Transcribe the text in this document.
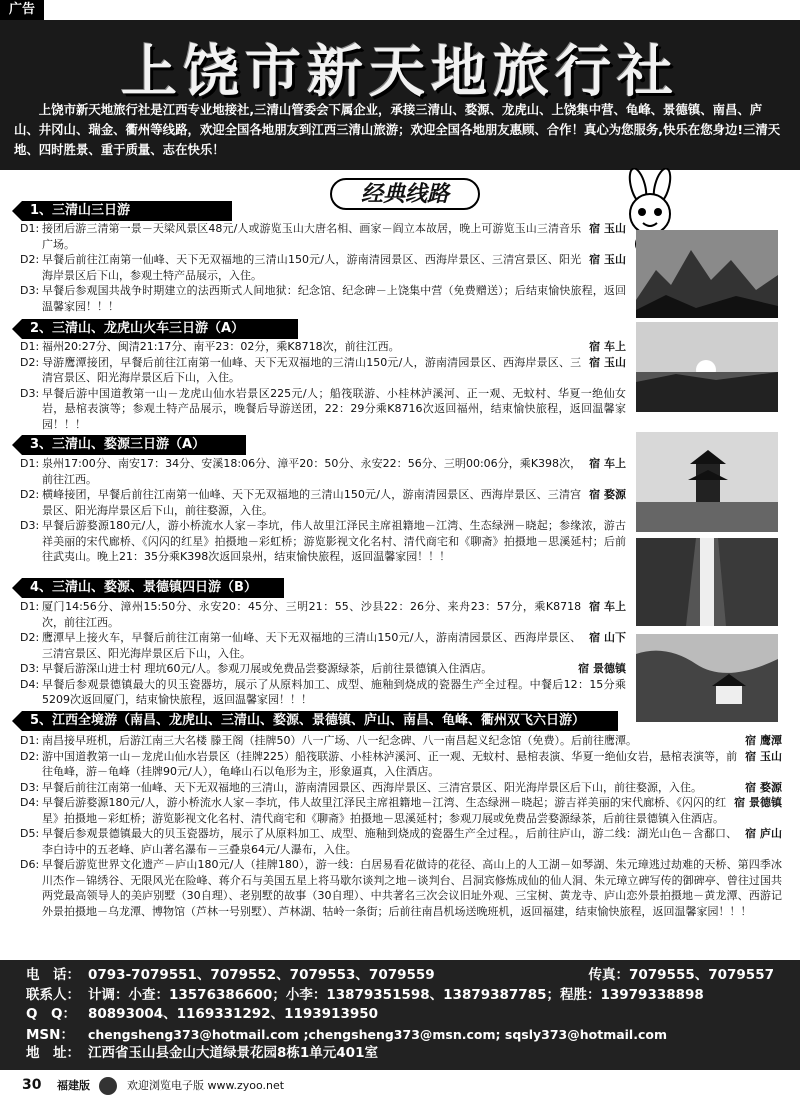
广告
上饶市新天地旅行社
上饶市新天地旅行社是江西专业地接社,三清山管委会下属企业，承接三清山、婺源、龙虎山、上饶集中营、龟峰、景德镇、南昌、庐山、井冈山、瑞金、衢州等线路，欢迎全国各地朋友到江西三清山旅游；欢迎全国各地朋友惠顾、合作！真心为您服务,快乐在您身边!三清天地、四时胜景、重于质量、志在快乐！
经典线路
1、三清山三日游
D1:	宿 玉山
接团后游三清第一景－天梁风景区48元/人或游览玉山大唐名相、画家－阎立本故居，晚上可游览玉山三清音乐广场。
D2:	宿 玉山
早餐后前往江南第一仙峰、天下无双福地的三清山150元/人，游南清园景区、西海岸景区、三清宫景区、阳光海岸景区后下山，参观土特产品展示，入住。
D3: 早餐后参观国共战争时期建立的法西斯式人间地狱：纪念馆、纪念碑－上饶集中营（免费赠送）；后结束愉快旅程，返回温馨家园！！！
2、三清山、龙虎山火车三日游（A）
D1:	宿 车上
福州20:27分、闽清21:17分、南平23：02分，乘K8718次，前往江西。
D2:	宿 玉山
导游鹰潭接团，早餐后前往江南第一仙峰、天下无双福地的三清山150元/人，游南清园景区、西海岸景区、三清宫景区、阳光海岸景区后下山，入住。
D3: 早餐后游中国道教第一山－龙虎山仙水岩景区225元/人；船筏联游、小桂林泸溪河、正一观、无蚊村、华夏一绝仙女岩，悬棺表演等；参观土特产品展示，晚餐后导游送团，22：29分乘K8716次返回福州，结束愉快旅程，返回温馨家园！！！
3、三清山、婺源三日游（A）
D1:	宿 车上
泉州17:00分、南安17：34分、安溪18:06分、漳平20：50分、永安22：56分、三明00:06分，乘K398次，前往江西。
D2:	宿 婺源
横峰接团，早餐后前往江南第一仙峰、天下无双福地的三清山150元/人，游南清园景区、西海岸景区、三清宫景区、阳光海岸景区后下山，前往婺源，入住。
D3: 早餐后游婺源180元/人，游小桥流水人家－李坑，伟人故里江泽民主席祖籍地－江湾、生态绿洲－晓起；参缘浓，游古祥美丽的宋代廊桥、《闪闪的红星》拍摄地－彩虹桥；游览影视文化名村、清代商宅和《聊斋》拍摄地－思溪延村；后前往武夷山。晚上21：35分乘K398次返回泉州，结束愉快旅程，返回温馨家园！！！
4、三清山、婺源、景德镇四日游（B）
D1:	宿 车上
厦门14:56分、漳州15:50分、永安20：45分、三明21：55、沙县22：26分、来舟23：57分，乘K8718次，前往江西。
D2:	宿 山下
鹰潭早上接火车，早餐后前往江南第一仙峰、天下无双福地的三清山150元/人，游南清园景区、西海岸景区、三清宫景区、阳光海岸景区后下山，入住。
D3:	宿 景德镇
早餐后游深山进士村 理坑60元/人。参观刀展或免费品尝婺源绿茶，后前往景德镇入住酒店。
D4: 早餐后参观景德镇最大的贝玉瓷器坊，展示了从原料加工、成型、施釉到烧成的瓷器生产全过程。中餐后12：15分乘5209次返回厦门，结束愉快旅程，返回温馨家园！！！
5、江西全境游（南昌、龙虎山、三清山、婺源、景德镇、庐山、南昌、龟峰、衢州双飞六日游）
D1:	宿 鹰潭
南昌接早班机，后游江南三大名楼 滕王阁（挂牌50）八一广场、八一纪念碑、八一南昌起义纪念馆（免费）。后前往鹰潭。
D2:	宿 玉山
游中国道教第一山－龙虎山仙水岩景区（挂牌225）船筏联游、小桂林泸溪河、正一观、无蚊村、悬棺表演、华夏一绝仙女岩，悬棺表演等，前往龟峰，游－龟峰（挂牌90元/人），龟峰山石以龟形为主，形象逼真，入住酒店。
D3:	宿 婺源
早餐后前往江南第一仙峰、天下无双福地的三清山，游南清园景区、西海岸景区、三清宫景区、阳光海岸景区后下山，前往婺源，入住。
D4:	宿 景德镇
早餐后游婺源180元/人，游小桥流水人家－李坑，伟人故里江泽民主席祖籍地－江湾、生态绿洲－晓起；游吉祥美丽的宋代廊桥、《闪闪的红星》拍摄地－彩虹桥；游览影视文化名村、清代商宅和《聊斋》拍摄地－思溪延村；参观刀展或免费品尝婺源绿茶，后前往景德镇入住酒店。
D5:	宿 庐山
早餐后参观景德镇最大的贝玉瓷器坊，展示了从原料加工、成型、施釉到烧成的瓷器生产全过程。，后前往庐山，游二线：湖光山色－含鄱口、李白诗中的五老峰、庐山著名瀑布－三叠泉64元/人瀑布，入住。
D6: 早餐后游览世界文化遗产－庐山180元/人（挂牌180），游一线：白居易看花做诗的花径、高山上的人工湖－如琴湖、朱元璋逃过劫难的天桥、第四季冰川杰作－锦绣谷、无限风光在险峰、蒋介石与美国五星上将马歇尔谈判之地－谈判台、吕洞宾修炼成仙的仙人洞、朱元璋立碑写传的御碑亭、曾往过国共两党最高领导人的美庐别墅（30自理）、老别墅的故事（30自理）、中共著名三次会议旧址外观、三宝树、黄龙寺、庐山恋外景拍摄地－黄龙潭、西游记外景拍摄地－乌龙潭、博物馆（芦林一号别墅）、芦林湖、牯岭一条街；后前往南昌机场送晚班机，返回福建，结束愉快旅程，返回温馨家园！！！
电　话： 0793-7079551、7079552、7079553、7079559	传真：7079555、7079557
联系人： 计调：小查：13576386600；小李：13879351598、13879387785；程胜：13979338898
Q　Q： 80893004、1169331292、1193913950
MSN： chengsheng373@hotmail.com ;chengsheng373@msn.com; sqsly373@hotmail.com
地　址： 江西省玉山县金山大道绿景花园8栋1单元401室
30 福建版	欢迎浏览电子版 www.zyoo.net
